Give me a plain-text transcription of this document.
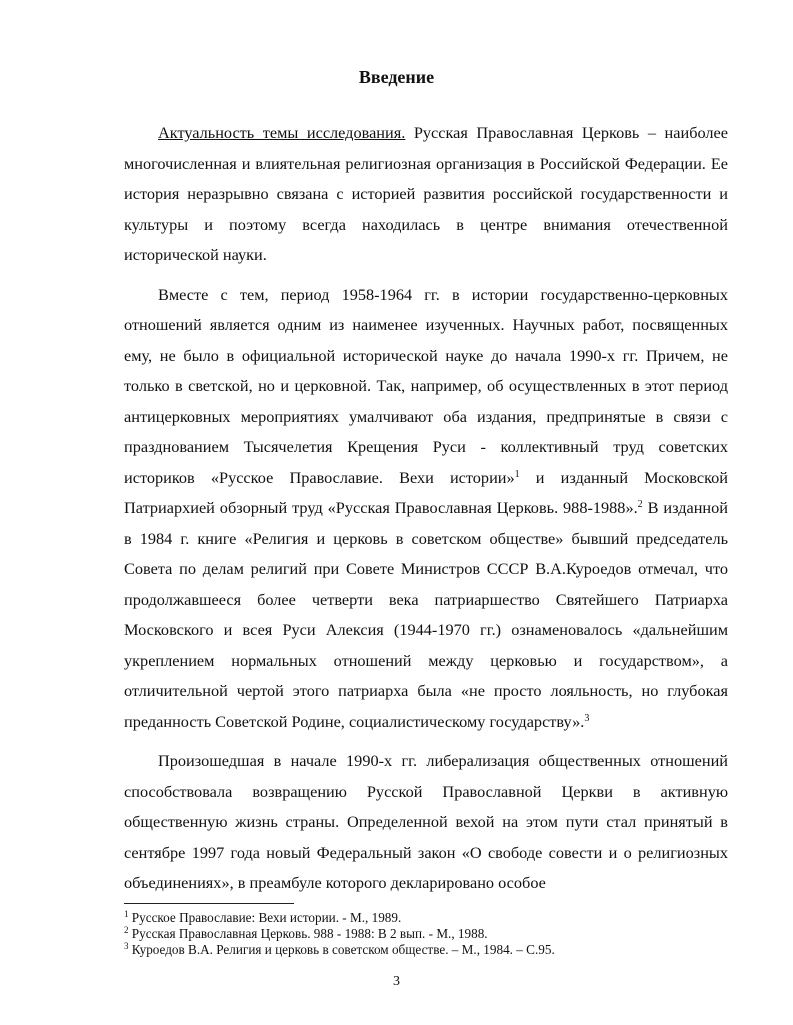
Введение

Актуальность темы исследования. Русская Православная Церковь – наиболее многочисленная и влиятельная религиозная организация в Российской Федерации. Ее история неразрывно связана с историей развития российской государственности и культуры и поэтому всегда находилась в центре внимания отечественной исторической науки.

Вместе с тем, период 1958-1964 гг. в истории государственно-церковных отношений является одним из наименее изученных. Научных работ, посвященных ему, не было в официальной исторической науке до начала 1990-х гг. Причем, не только в светской, но и церковной. Так, например, об осуществленных в этот период антицерковных мероприятиях умалчивают оба издания, предпринятые в связи с празднованием Тысячелетия Крещения Руси - коллективный труд советских историков «Русское Православие. Вехи истории»$^1$ и изданный Московской Патриархией обзорный труд «Русская Православная Церковь. 988-1988».$^2$ В изданной в 1984 г. книге «Религия и церковь в советском обществе» бывший председатель Совета по делам религий при Совете Министров СССР В.А.Куроедов отмечал, что продолжавшееся более четверти века патриаршество Святейшего Патриарха Московского и всея Руси Алексия (1944-1970 гг.) ознаменовалось «дальнейшим укреплением нормальных отношений между церковью и государством», а отличительной чертой этого патриарха была «не просто лояльность, но глубокая преданность Советской Родине, социалистическому государству».$^3$

Произошедшая в начале 1990-х гг. либерализация общественных отношений способствовала возвращению Русской Православной Церкви в активную общественную жизнь страны. Определенной вехой на этом пути стал принятый в сентябре 1997 года новый Федеральный закон «О свободе совести и о религиозных объединениях», в преамбуле которого декларировано особое

$^1$ Русское Православие: Вехи истории. - М., 1989.
$^2$ Русская Православная Церковь. 988 - 1988: В 2 вып. - М., 1988.
$^3$ Куроедов В.А. Религия и церковь в советском обществе. – М., 1984. – С.95.
3
